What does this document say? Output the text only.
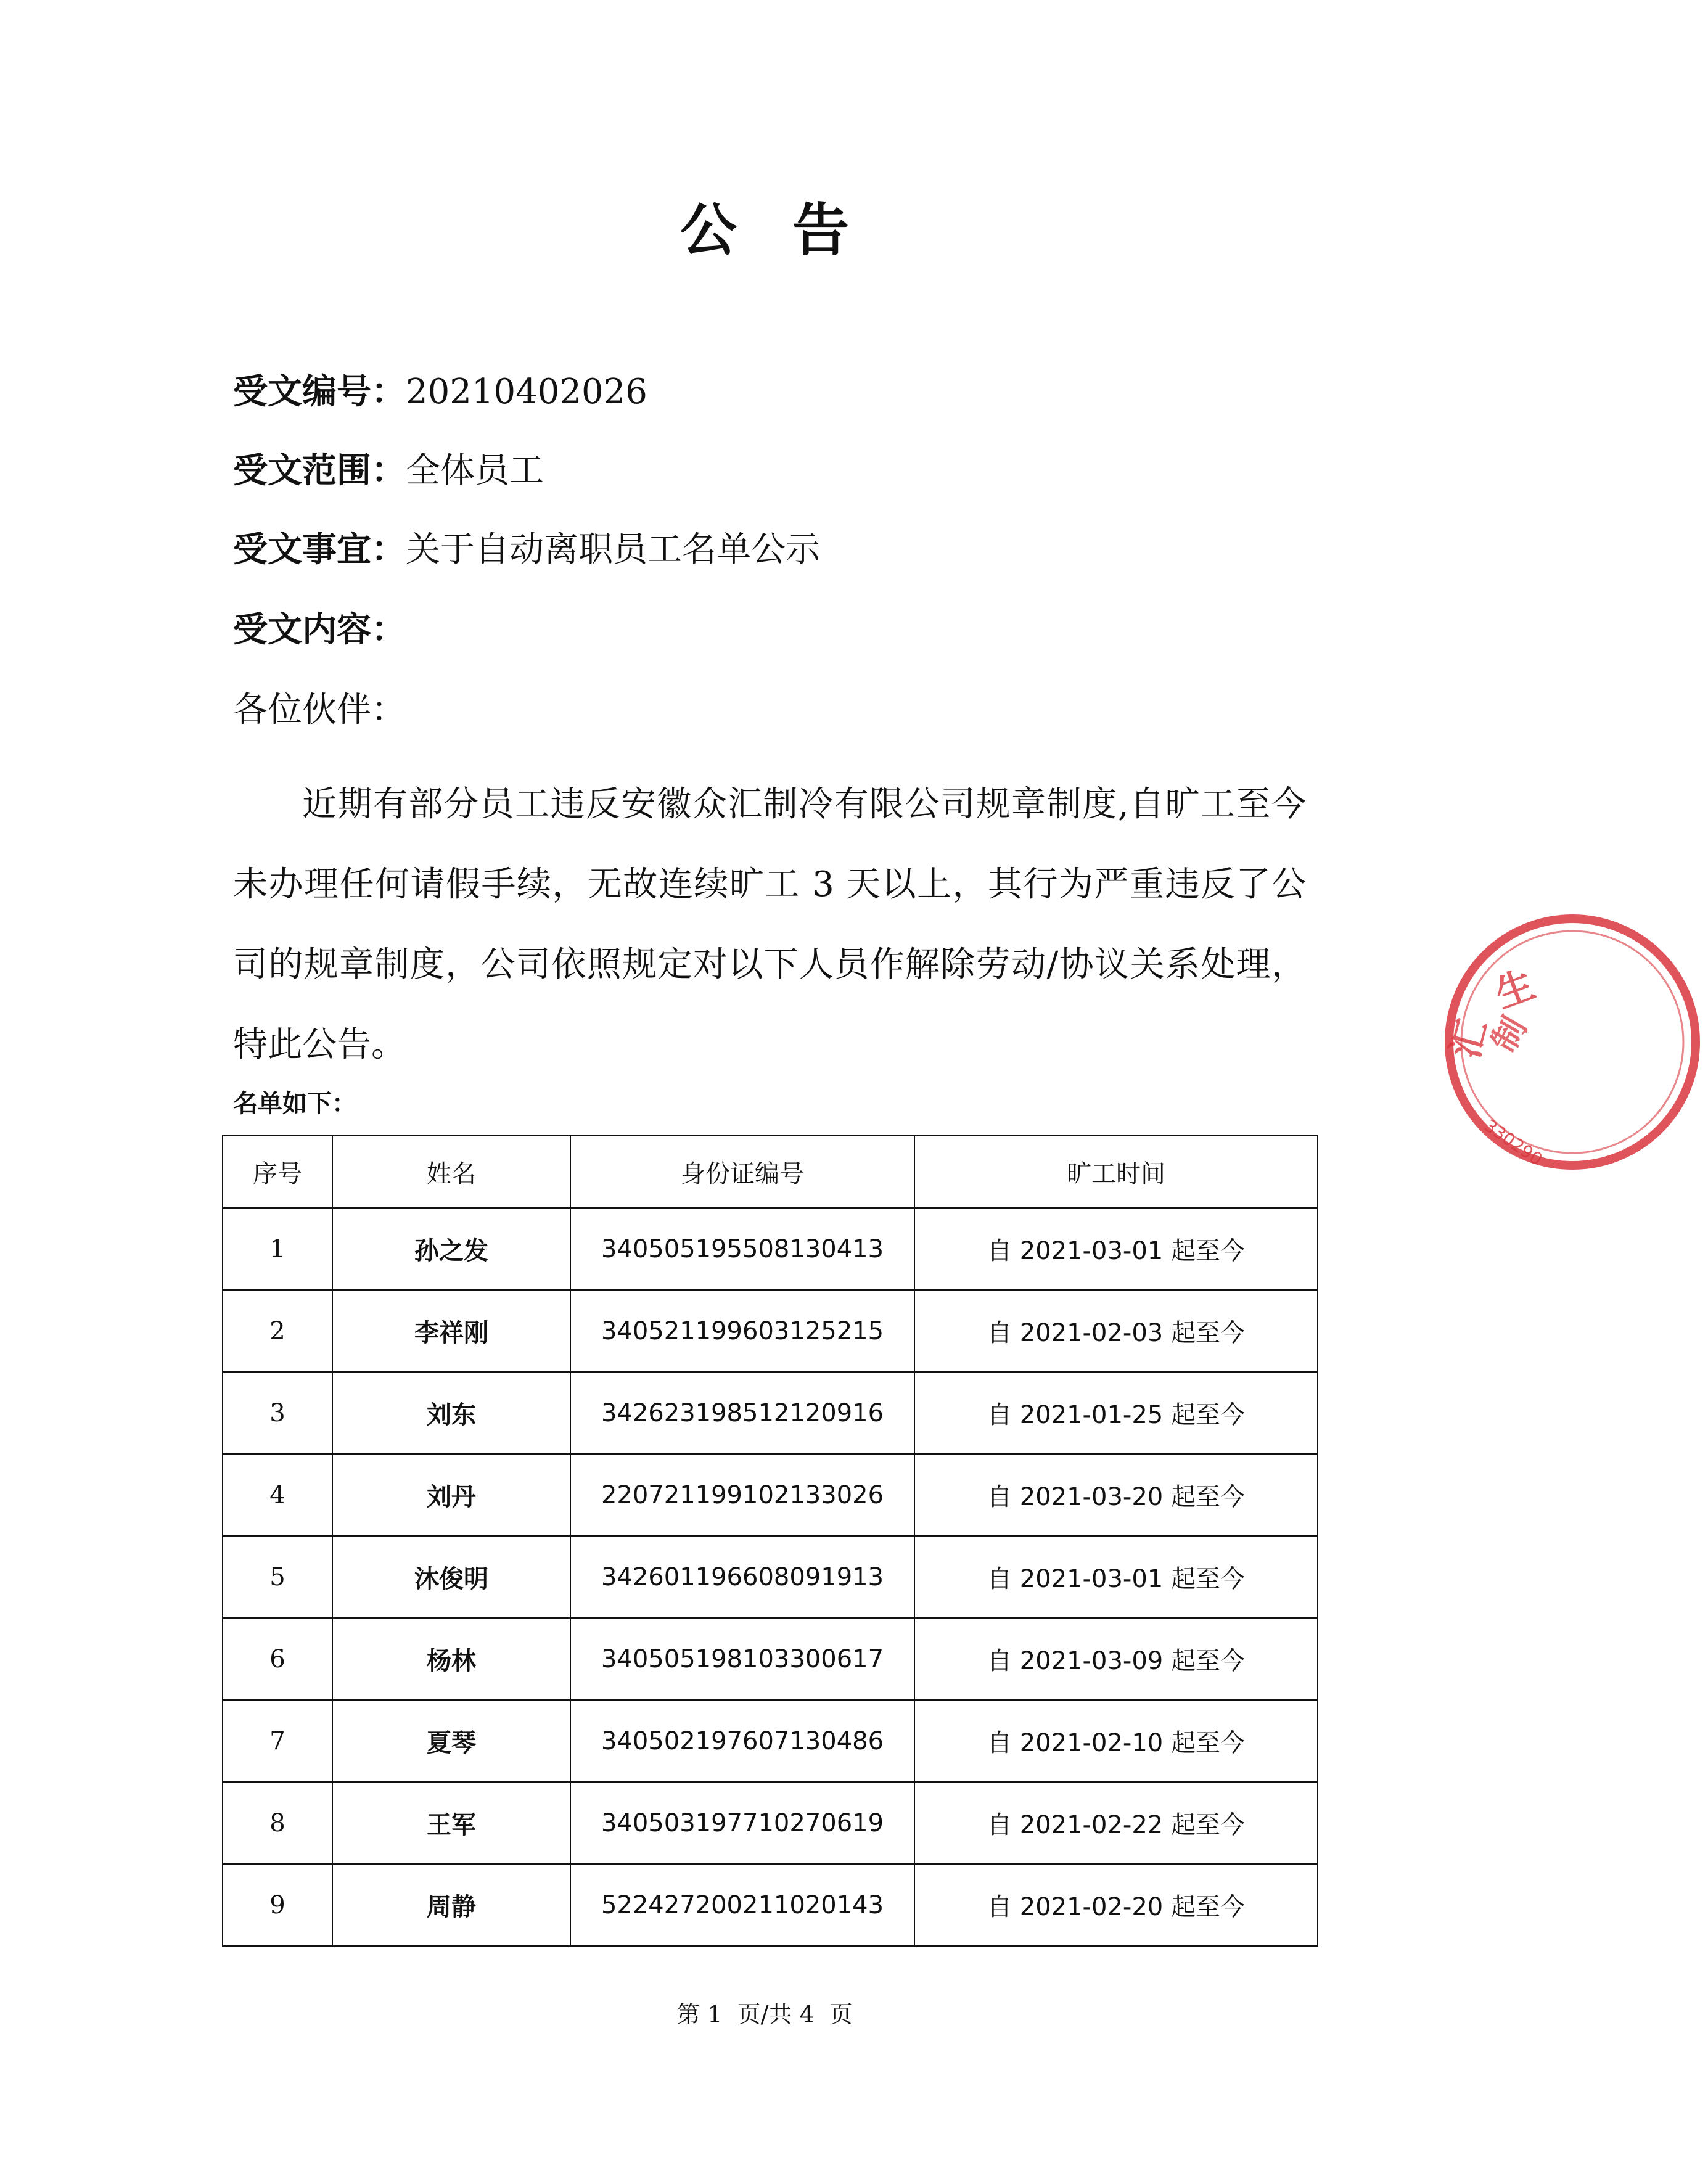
公告
受文编号：20210402026
受文范围：全体员工
受文事宜：关于自动离职员工名单公示
受文内容：
各位伙伴：
近期有部分员工违反安徽众汇制冷有限公司规章制度,自旷工至今未办理任何请假手续，无故连续旷工 3 天以上，其行为严重违反了公司的规章制度，公司依照规定对以下人员作解除劳动/协议关系处理，特此公告。
名单如下：
序号	姓名	身份证编号	旷工时间
1	孙之发	340505195508130413	自 2021-03-01 起至今
2	李祥刚	340521199603125215	自 2021-02-03 起至今
3	刘东	342623198512120916	自 2021-01-25 起至今
4	刘丹	220721199102133026	自 2021-03-20 起至今
5	沐俊明	342601196608091913	自 2021-03-01 起至今
6	杨林	340505198103300617	自 2021-03-09 起至今
7	夏琴	340502197607130486	自 2021-02-10 起至今
8	王军	340503197710270619	自 2021-02-22 起至今
9	周静	522427200211020143	自 2021-02-20 起至今
第 1  页/共 4  页
生
汇
制
330290
